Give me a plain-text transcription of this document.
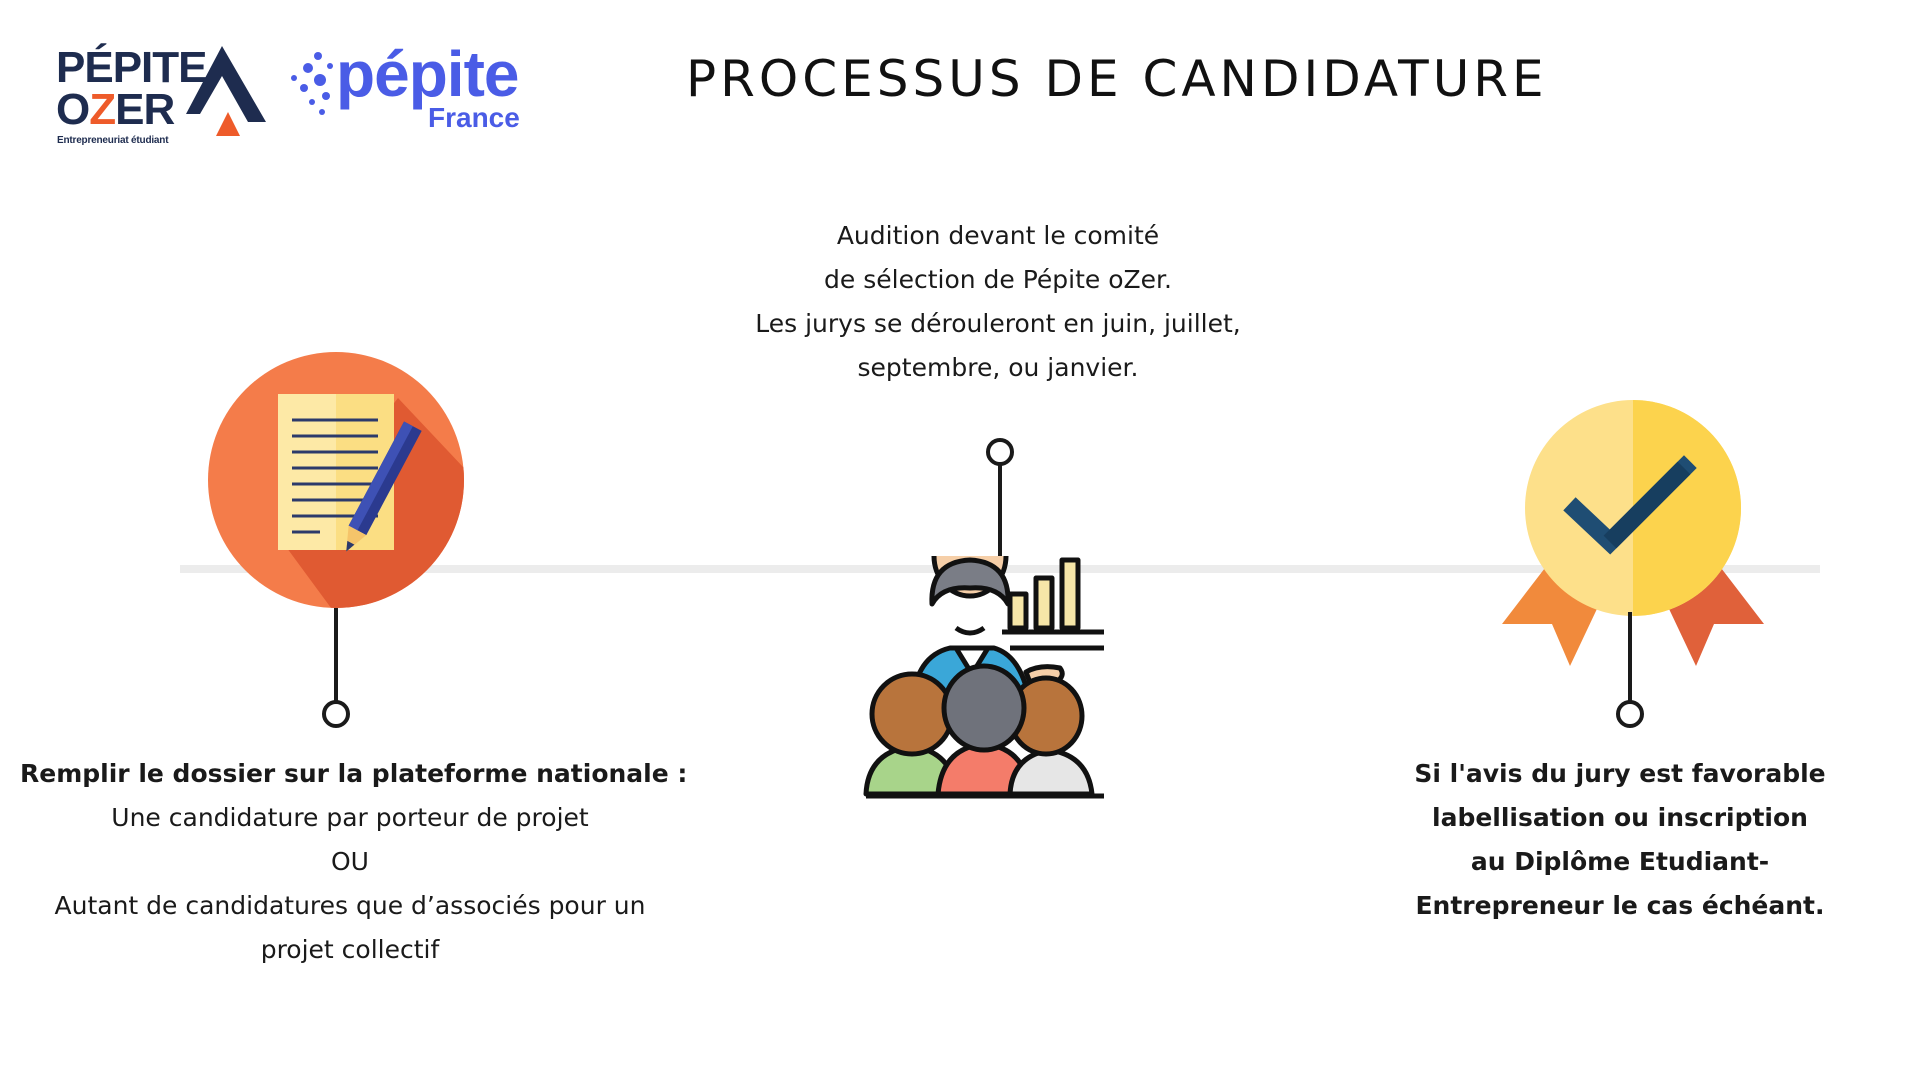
PÉPITE
OZER
Entrepreneuriat étudiant
pépite
France
PROCESSUS DE CANDIDATURE
Remplir le dossier sur la plateforme nationale :
Une candidature par porteur de projet
OU
Autant de candidatures que d’associés pour un
projet collectif
Audition devant le comité
de sélection de Pépite oZer.
Les jurys se dérouleront en juin, juillet,
septembre, ou janvier.
Si l'avis du jury est favorable
labellisation ou inscription
au Diplôme Etudiant-
Entrepreneur le cas échéant.
